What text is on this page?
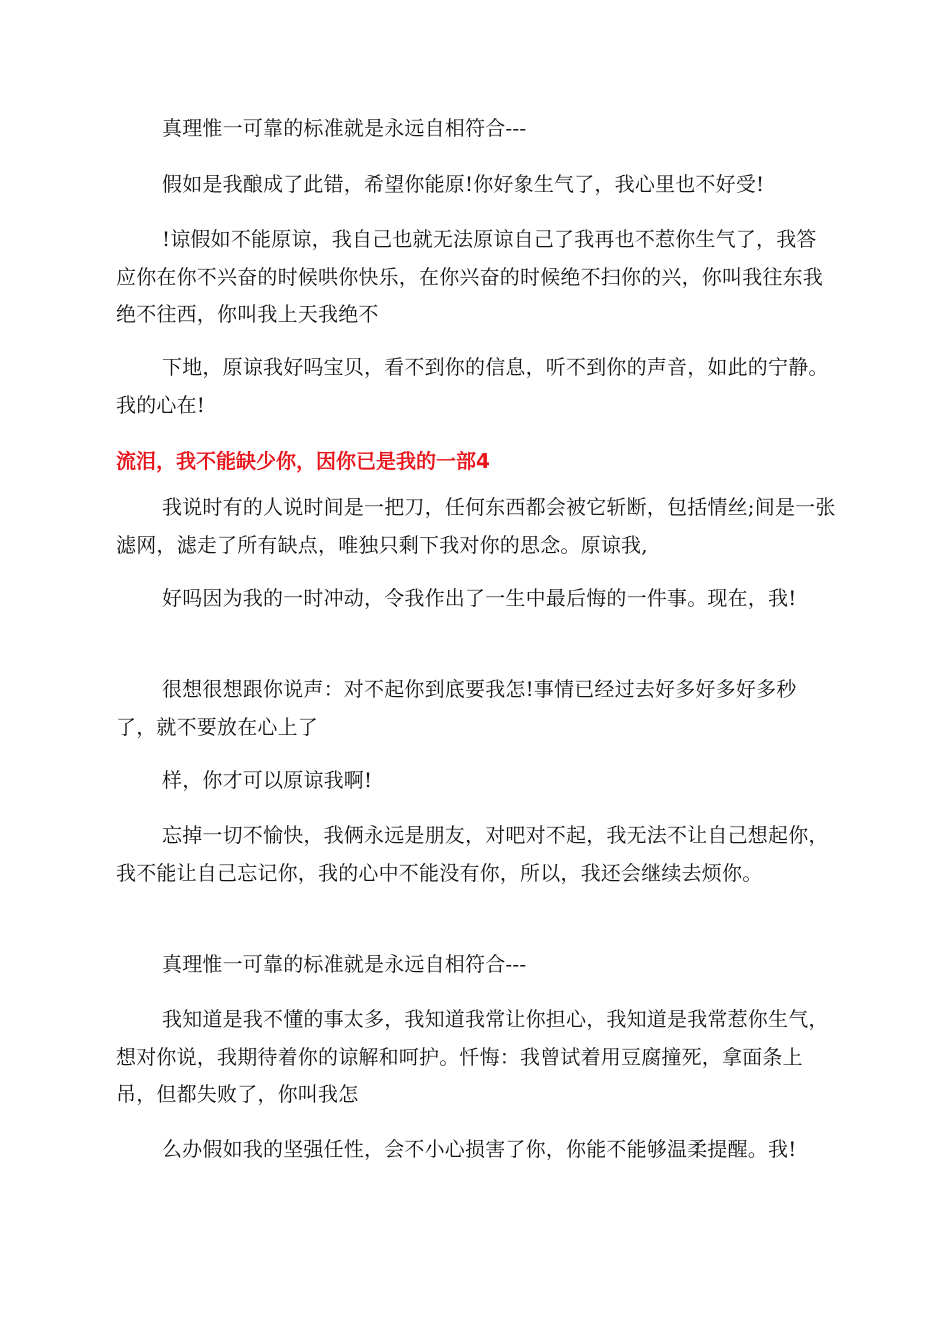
真理惟一可靠的标准就是永远自相符合---

假如是我酿成了此错，希望你能原!你好象生气了，我心里也不好受!

!谅假如不能原谅，我自己也就无法原谅自己了我再也不惹你生气了，我答应你在你不兴奋的时候哄你快乐，在你兴奋的时候绝不扫你的兴，你叫我往东我绝不往西，你叫我上天我绝不

下地，原谅我好吗宝贝，看不到你的信息，听不到你的声音，如此的宁静。我的心在!

流泪，我不能缺少你，因你已是我的一部4

我说时有的人说时间是一把刀，任何东西都会被它斩断，包括情丝;间是一张滤网，滤走了所有缺点，唯独只剩下我对你的思念。原谅我,

好吗因为我的一时冲动，令我作出了一生中最后悔的一件事。现在，我!

很想很想跟你说声：对不起你到底要我怎!事情已经过去好多好多好多秒了，就不要放在心上了

样，你才可以原谅我啊!

忘掉一切不愉快，我俩永远是朋友，对吧对不起，我无法不让自己想起你，我不能让自己忘记你，我的心中不能没有你，所以，我还会继续去烦你。

真理惟一可靠的标准就是永远自相符合---

我知道是我不懂的事太多，我知道我常让你担心，我知道是我常惹你生气，想对你说，我期待着你的谅解和呵护。忏悔：我曾试着用豆腐撞死，拿面条上吊，但都失败了，你叫我怎

么办假如我的坚强任性，会不小心损害了你，你能不能够温柔提醒。我!
